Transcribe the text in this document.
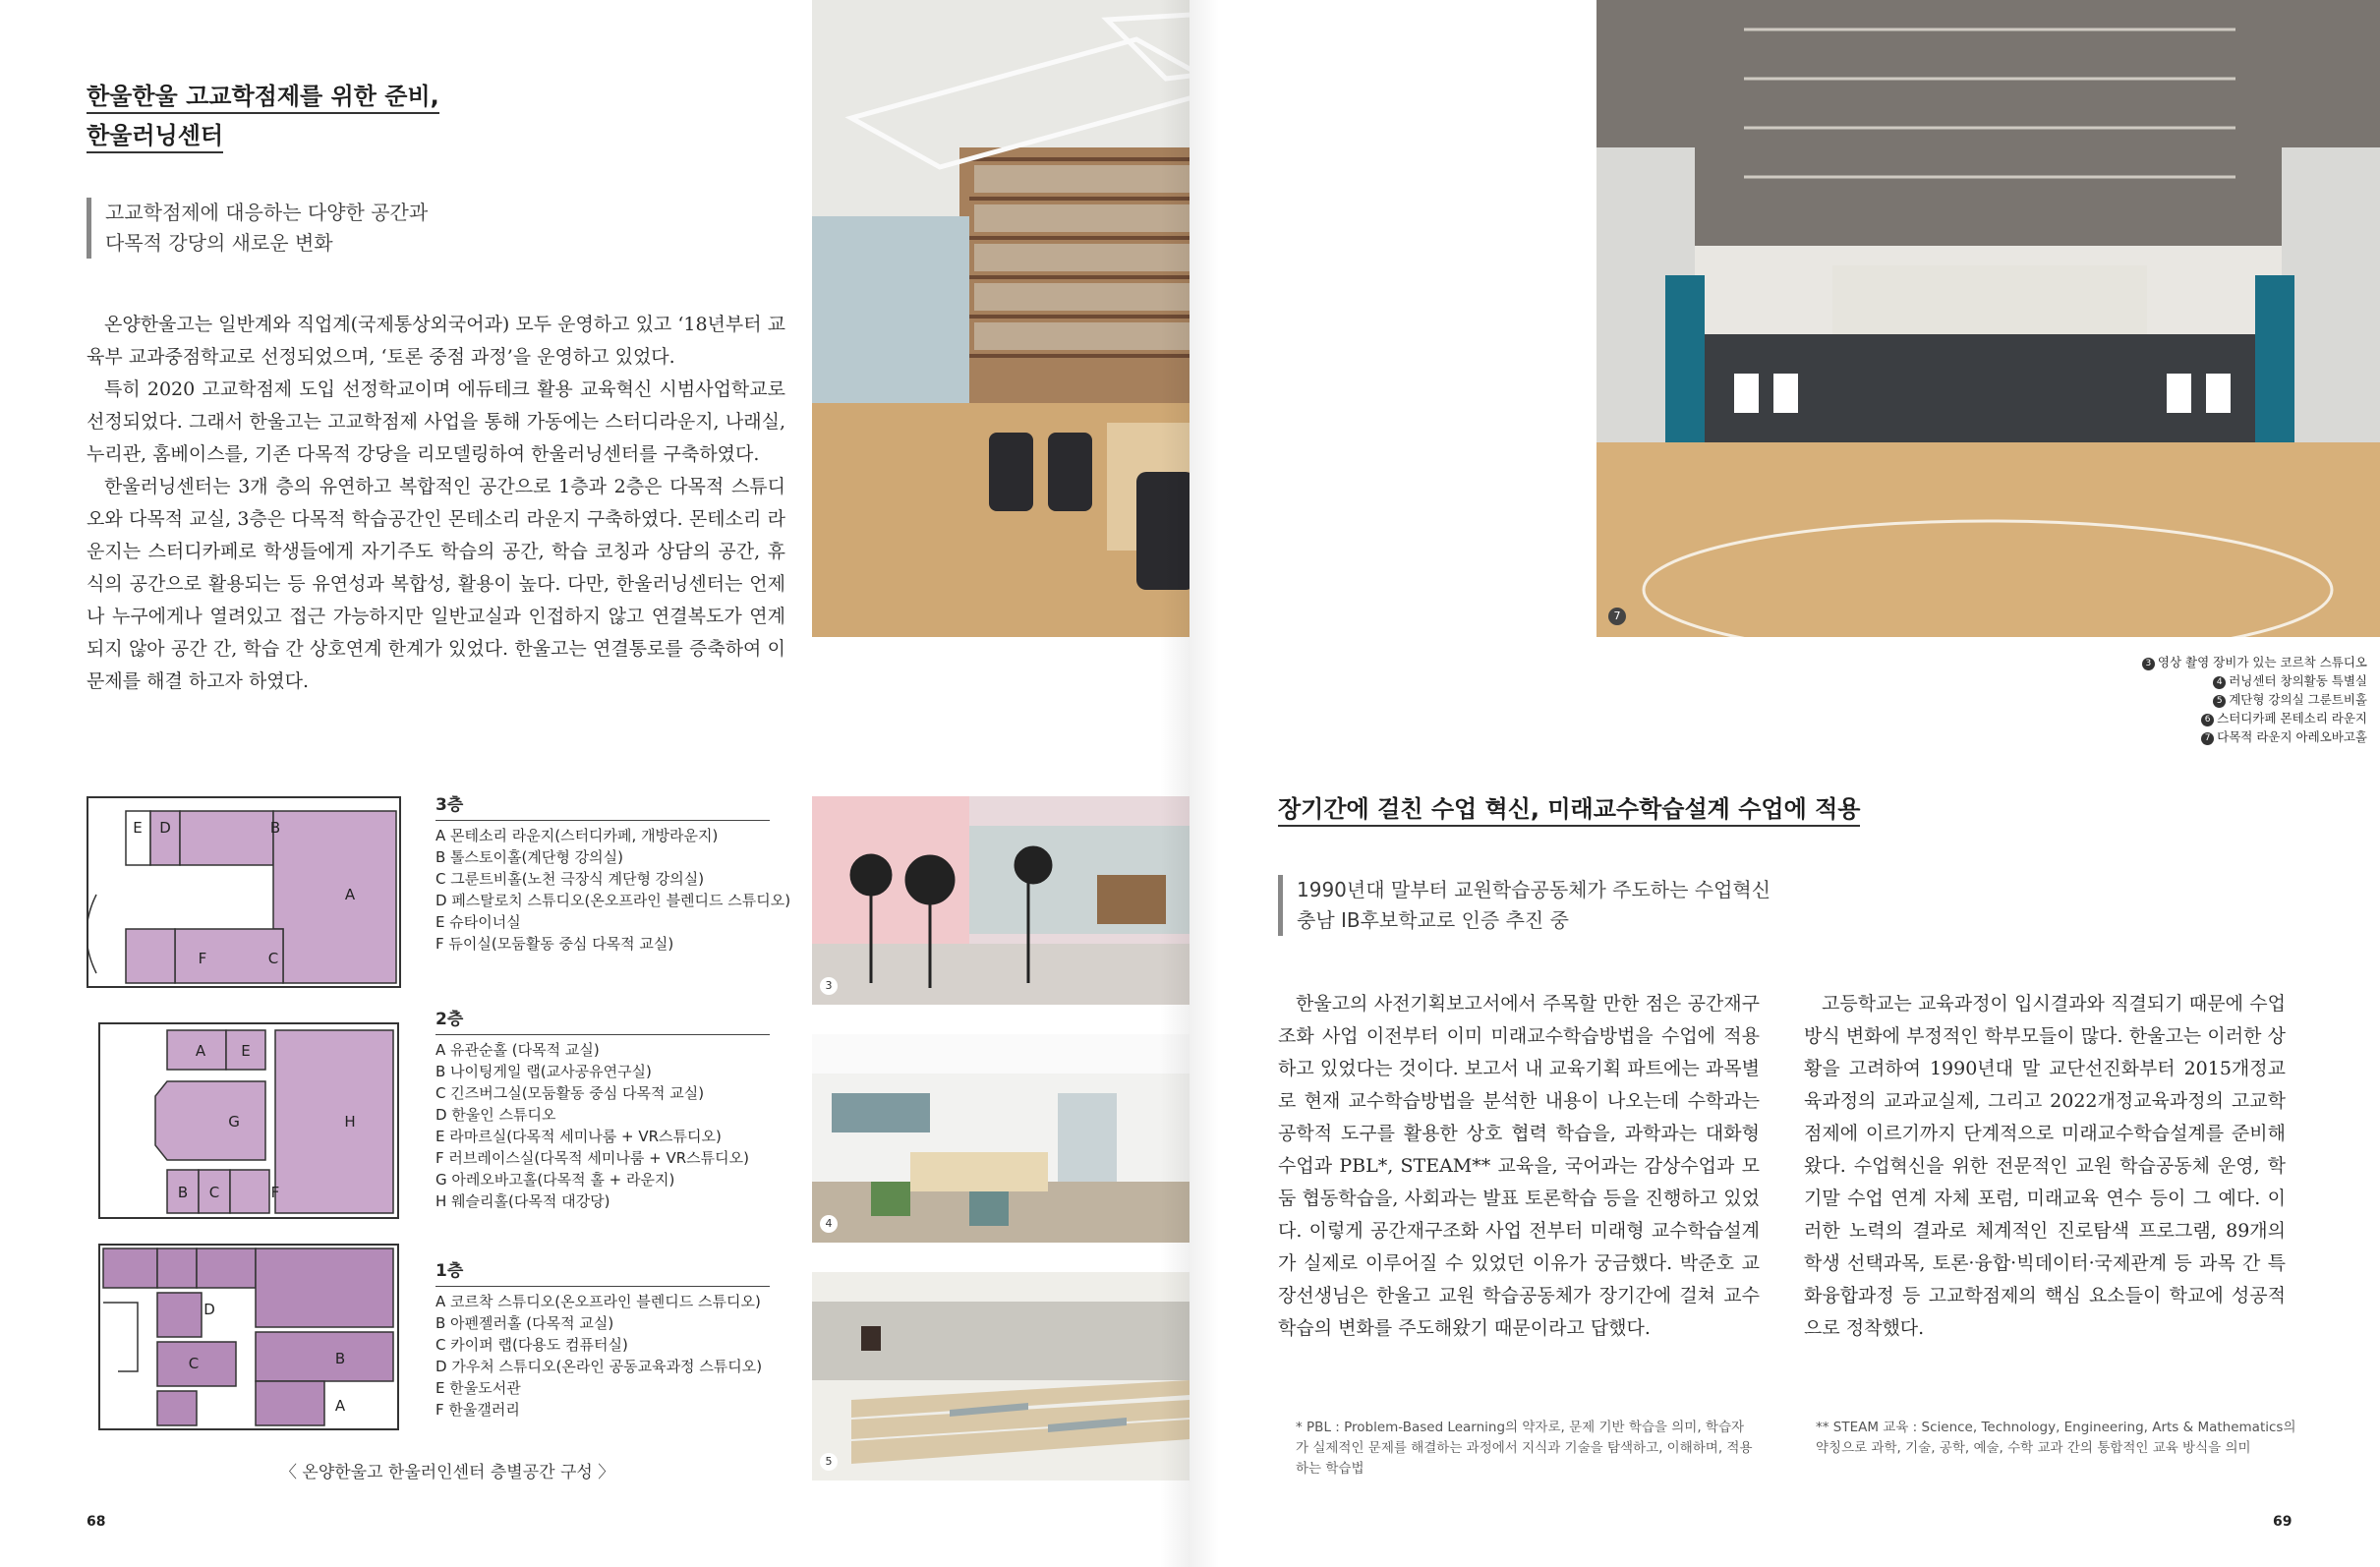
한울한울 고교학점제를 위한 준비,
한울러닝센터
고교학점제에 대응하는 다양한 공간과
다목적 강당의 새로운 변화

온양한울고는 일반계와 직업계(국제통상외국어과) 모두 운영하고 있고 ‘18년부터 교육부 교과중점학교로 선정되었으며, ‘토론 중점 과정’을 운영하고 있었다.

특히 2020 고교학점제 도입 선정학교이며 에듀테크 활용 교육혁신 시범사업학교로 선정되었다. 그래서 한울고는 고교학점제 사업을 통해 가동에는 스터디라운지, 나래실, 누리관, 홈베이스를, 기존 다목적 강당을 리모델링하여 한울러닝센터를 구축하였다.

한울러닝센터는 3개 층의 유연하고 복합적인 공간으로 1층과 2층은 다목적 스튜디오와 다목적 교실, 3층은 다목적 학습공간인 몬테소리 라운지 구축하였다. 몬테소리 라운지는 스터디카페로 학생들에게 자기주도 학습의 공간, 학습 코칭과 상담의 공간, 휴식의 공간으로 활용되는 등 유연성과 복합성, 활용이 높다. 다만, 한울러닝센터는 언제나 누구에게나 열려있고 접근 가능하지만 일반교실과 인접하지 않고 연결복도가 연계되지 않아 공간 간, 학습 간 상호연계 한계가 있었다. 한울고는 연결통로를 증축하여 이 문제를 해결 하고자 하였다.

E D	B
A
F	C
3층
A 몬테소리 라운지(스터디카페, 개방라운지)
B 톨스토이홀(계단형 강의실)
C 그룬트비홀(노천 극장식 계단형 강의실)
D 페스탈로치 스튜디오(온오프라인 블렌디드 스튜디오)
E 슈타이너실
F 듀이실(모둠활동 중심 다목적 교실)
A E
G	H
B C	F
2층
A 유관순홀 (다목적 교실)
B 나이팅게일 랩(교사공유연구실)
C 긴즈버그실(모둠활동 중심 다목적 교실)
D 한울인 스튜디오
E 라마르실(다목적 세미나룸 + VR스튜디오)
F 러브레이스실(다목적 세미나룸 + VR스튜디오)
G 아레오바고홀(다목적 홀 + 라운지)
H 웨슬리홀(다목적 대강당)
D
C	B
A
1층
A 코르착 스튜디오(온오프라인 블렌디드 스튜디오)
B 아펜젤러홀 (다목적 교실)
C 카이퍼 랩(다용도 컴퓨터실)
D 가우처 스튜디오(온라인 공동교육과정 스튜디오)
E 한울도서관
F 한울갤러리
〈 온양한울고 한울러인센터 층별공간 구성 〉
3
4
5
68
7
3 영상 촬영 장비가 있는 코르착 스튜디오
4 러닝센터 창의활동 특별실
5 계단형 강의실 그룬트비홀
6 스터디카페 몬테소리 라운지
7 다목적 라운지 아레오바고홀
장기간에 걸친 수업 혁신, 미래교수학습설계 수업에 적용
1990년대 말부터 교원학습공동체가 주도하는 수업혁신
충남 IB후보학교로 인증 추진 중

한울고의 사전기획보고서에서 주목할 만한 점은 공간재구조화 사업 이전부터 이미 미래교수학습방법을 수업에 적용하고 있었다는 것이다. 보고서 내 교육기획 파트에는 과목별로 현재 교수학습방법을 분석한 내용이 나오는데 수학과는 공학적 도구를 활용한 상호 협력 학습을, 과학과는 대화형 수업과 PBL*, STEAM** 교육을, 국어과는 감상수업과 모둠 협동학습을, 사회과는 발표 토론학습 등을 진행하고 있었다. 이렇게 공간재구조화 사업 전부터 미래형 교수학습설계가 실제로 이루어질 수 있었던 이유가 궁금했다. 박준호 교장선생님은 한울고 교원 학습공동체가 장기간에 걸쳐 교수학습의 변화를 주도해왔기 때문이라고 답했다.

고등학교는 교육과정이 입시결과와 직결되기 때문에 수업방식 변화에 부정적인 학부모들이 많다. 한울고는 이러한 상황을 고려하여 1990년대 말 교단선진화부터 2015개정교육과정의 교과교실제, 그리고 2022개정교육과정의 고교학점제에 이르기까지 단계적으로 미래교수학습설계를 준비해왔다. 수업혁신을 위한 전문적인 교원 학습공동체 운영, 학기말 수업 연계 자체 포럼, 미래교육 연수 등이 그 예다. 이러한 노력의 결과로 체계적인 진로탐색 프로그램, 89개의 학생 선택과목, 토론·융합·빅데이터·국제관계 등 과목 간 특화융합과정 등 고교학점제의 핵심 요소들이 학교에 성공적으로 정착했다.

* PBL : Problem-Based Learning의 약자로, 문제 기반 학습을 의미, 학습자가 실제적인 문제를 해결하는 과정에서 지식과 기술을 탐색하고, 이해하며, 적용하는 학습법
** STEAM 교육 : Science, Technology, Engineering, Arts & Mathematics의 약칭으로 과학, 기술, 공학, 예술, 수학 교과 간의 통합적인 교육 방식을 의미
69
